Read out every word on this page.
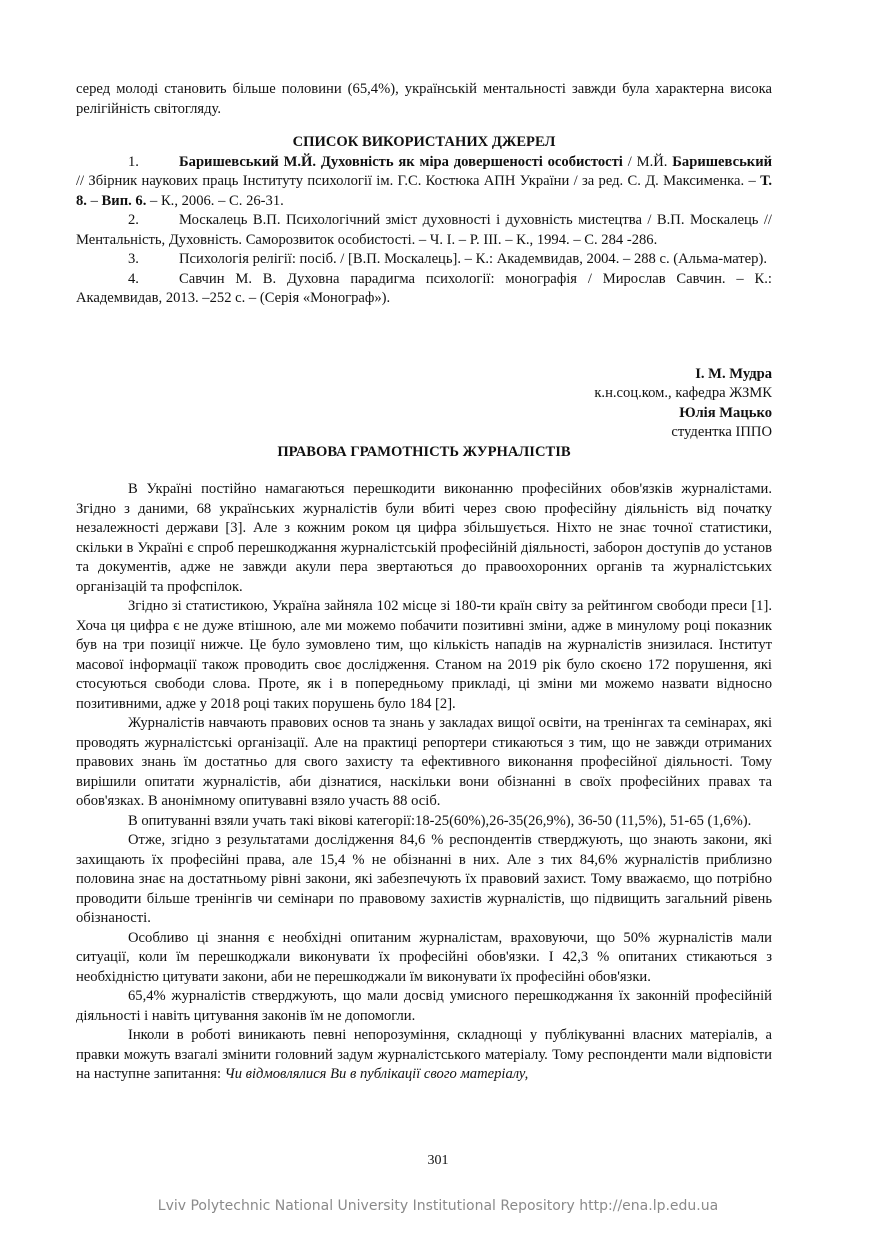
серед молоді становить більше половини (65,4%), українській ментальності завжди була характерна висока релігійність світогляду.

СПИСОК ВИКОРИСТАНИХ ДЖЕРЕЛ

1.	Баришевський М.Й. Духовність як міра довершеності особистості / М.Й. Баришевський // Збірник наукових праць Інституту психології ім. Г.С. Костюка АПН України / за ред. С. Д. Максименка. – Т. 8. – Вип. 6. – К., 2006. – С. 26-31.

2.	Москалець В.П. Психологічний зміст духовності і духовність мистецтва / В.П. Москалець // Ментальність, Духовність. Саморозвиток особистості. – Ч. І. – Р. ІІІ. – К., 1994. – С. 284 -286.

3.	Психологія релігії: посіб. / [В.П. Москалець]. – К.: Академвидав, 2004. – 288 с. (Альма-матер).

4.	Савчин М. В. Духовна парадигма психології: монографія / Мирослав Савчин. – К.: Академвидав, 2013. –252 с. – (Серія «Монограф»).

І. М. Мудра

к.н.соц.ком., кафедра ЖЗМК

Юлія Мацько

студентка ІППО

ПРАВОВА ГРАМОТНІСТЬ ЖУРНАЛІСТІВ

В Україні постійно намагаються перешкодити виконанню професійних обов'язків журналістами. Згідно з даними, 68 українських журналістів були вбиті через свою професійну діяльність від початку незалежності держави [3]. Але з кожним роком ця цифра збільшується. Ніхто не знає точної статистики, скільки в Україні є спроб перешкоджання журналістській професійній діяльності, заборон доступів до установ та документів, адже не завжди акули пера звертаються до правоохоронних органів та журналістських організацій та профспілок.

Згідно зі статистикою, Україна зайняла 102 місце зі 180-ти країн світу за рейтингом свободи преси [1]. Хоча ця цифра є не дуже втішною, але ми можемо побачити позитивні зміни, адже в минулому році показник був на три позиції нижче. Це було зумовлено тим, що кількість нападів на журналістів знизилася. Інститут масової інформації також проводить своє дослідження. Станом на 2019 рік було скоєно 172 порушення, які стосуються свободи слова. Проте, як і в попередньому прикладі, ці зміни ми можемо назвати відносно позитивними, адже у 2018 році таких порушень було 184 [2].

Журналістів навчають правових основ та знань у закладах вищої освіти, на тренінгах та семінарах, які проводять журналістські організації. Але на практиці репортери стикаються з тим, що не завжди отриманих правових знань їм достатньо для свого захисту та ефективного виконання професійної діяльності. Тому вирішили опитати журналістів, аби дізнатися, наскільки вони обізнанні в своїх професійних правах та обов'язках. В анонімному опитувавні взяло участь 88 осіб.

В опитуванні взяли учать такі вікові категорії:18-25(60%),26-35(26,9%), 36-50 (11,5%), 51-65 (1,6%).

Отже, згідно з результатами дослідження 84,6 % респондентів стверджують, що знають закони, які захищають їх професійні права, але 15,4 % не обізнанні в них. Але з тих 84,6% журналістів приблизно половина знає на достатньому рівні закони, які забезпечують їх правовий захист. Тому вважаємо, що потрібно проводити більше тренінгів чи семінари по правовому захистів журналістів, що підвищить загальний рівень обізнаності.

Особливо ці знання є необхідні опитаним журналістам, враховуючи, що 50% журналістів мали ситуації, коли їм перешкоджали виконувати їх професійні обов'язки. І 42,3 % опитаних стикаються з необхідністю цитувати закони, аби не перешкоджали їм виконувати їх професійні обов'язки.

65,4% журналістів стверджують, що мали досвід умисного перешкоджання їх законній професійній діяльності і навіть цитування законів їм не допомогли.

Інколи в роботі виникають певні непорозуміння, складнощі у публікуванні власних матеріалів, а правки можуть взагалі змінити головний задум журналістського матеріалу. Тому респонденти мали відповісти на наступне запитання: Чи відмовлялися Ви в публікації свого матеріалу,

301
Lviv Polytechnic National University Institutional Repository http://ena.lp.edu.ua
